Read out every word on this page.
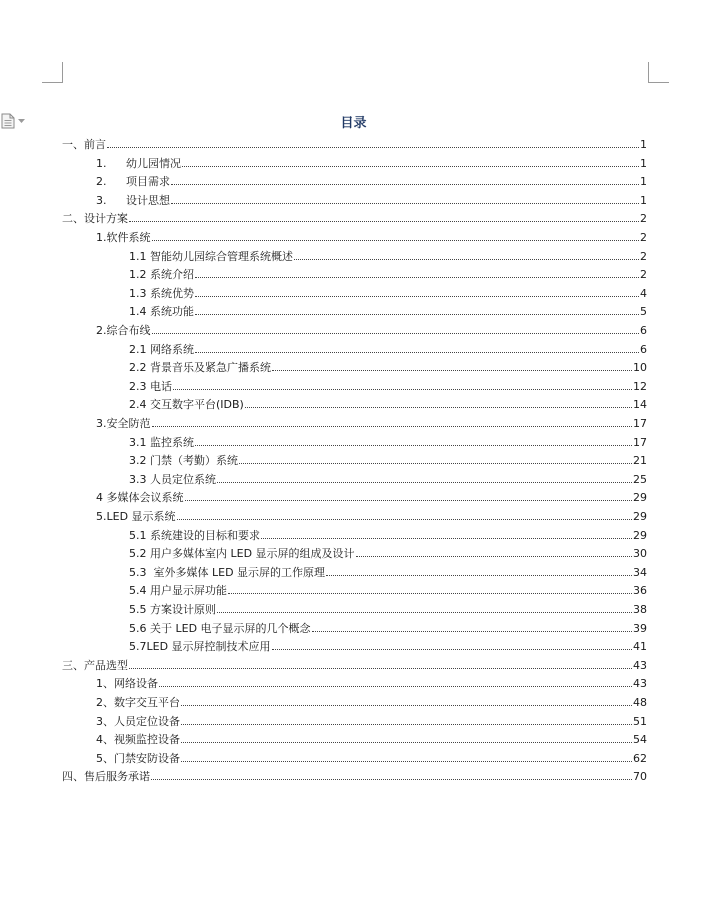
目录
一、前言	1
1. 幼儿园情况	1
2. 项目需求	1
3. 设计思想	1
二、设计方案	2
1.软件系统	2
1.1 智能幼儿园综合管理系统概述	2
1.2 系统介绍	2
1.3 系统优势	4
1.4 系统功能	5
2.综合布线	6
2.1 网络系统	6
2.2 背景音乐及紧急广播系统	10
2.3 电话	12
2.4 交互数字平台(IDB)	14
3.安全防范	17
3.1 监控系统	17
3.2 门禁（考勤）系统	21
3.3 人员定位系统	25
4 多媒体会议系统	29
5.LED 显示系统	29
5.1 系统建设的目标和要求	29
5.2 用户多媒体室内 LED 显示屏的组成及设计	30
5.3  室外多媒体 LED 显示屏的工作原理	34
5.4 用户显示屏功能	36
5.5 方案设计原则	38
5.6 关于 LED 电子显示屏的几个概念	39
5.7LED 显示屏控制技术应用	41
三、产品选型	43
1、网络设备	43
2、数字交互平台	48
3、人员定位设备	51
4、视频监控设备	54
5、门禁安防设备	62
四、售后服务承诺	70
